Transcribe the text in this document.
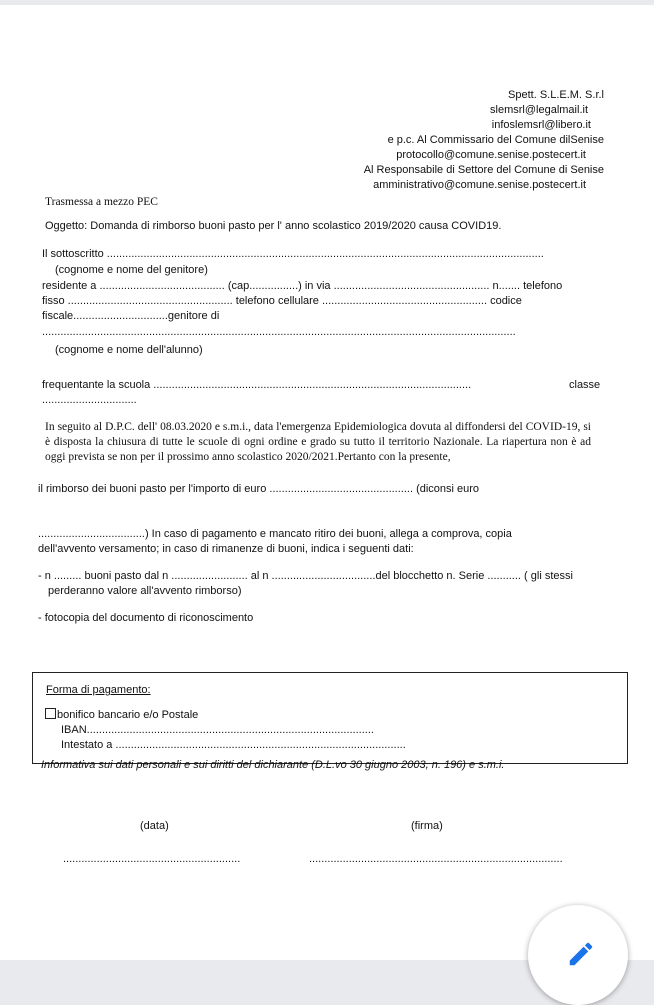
Spett. S.L.E.M. S.r.l
slemsrl@legalmail.it
infoslemsrl@libero.it
e p.c. Al Commissario del Comune dilSenise
protocollo@comune.senise.postecert.it
Al Responsabile di Settore del Comune di Senise
amministrativo@comune.senise.postecert.it
Trasmessa a mezzo PEC
Oggetto: Domanda di rimborso buoni pasto per l' anno scolastico 2019/2020 causa COVID19.
Il sottoscritto ...............................................................................................................................................
(cognome e nome del genitore)
residente a ......................................... (cap................) in via ................................................... n....... telefono
fisso ...................................................... telefono cellulare ...................................................... codice
fiscale...............................genitore di
...........................................................................................................................................................
(cognome e nome dell'alunno)
frequentante la scuola ........................................................................................................	classe
...............................
In seguito al D.P.C. dell' 08.03.2020 e s.m.i., data l'emergenza Epidemiologica dovuta al diffondersi del COVID-19, si è disposta la chiusura di tutte le scuole di ogni ordine e grado su tutto il territorio Nazionale. La riapertura non è ad oggi prevista se non per il prossimo anno scolastico 2020/2021.Pertanto con la presente,
il rimborso dei buoni pasto per l'importo di euro ............................................... (diconsi euro
...................................) In caso di pagamento e mancato ritiro dei buoni, allega a comprova, copia
dell'avvento versamento; in caso di rimanenze di buoni, indica i seguenti dati:
- n ......... buoni pasto dal n ......................... al n ..................................del blocchetto n. Serie ........... ( gli stessi
perderanno valore all'avvento rimborso)
- fotocopia del documento di riconoscimento
Forma di pagamento:
bonifico bancario e/o Postale
IBAN..............................................................................................
Intestato a ...............................................................................................
Informativa sui dati personali e sui diritti del dichiarante (D.L.vo 30 giugno 2003, n. 196) e s.m.i.
(data)	(firma)
..........................................................	...................................................................................
